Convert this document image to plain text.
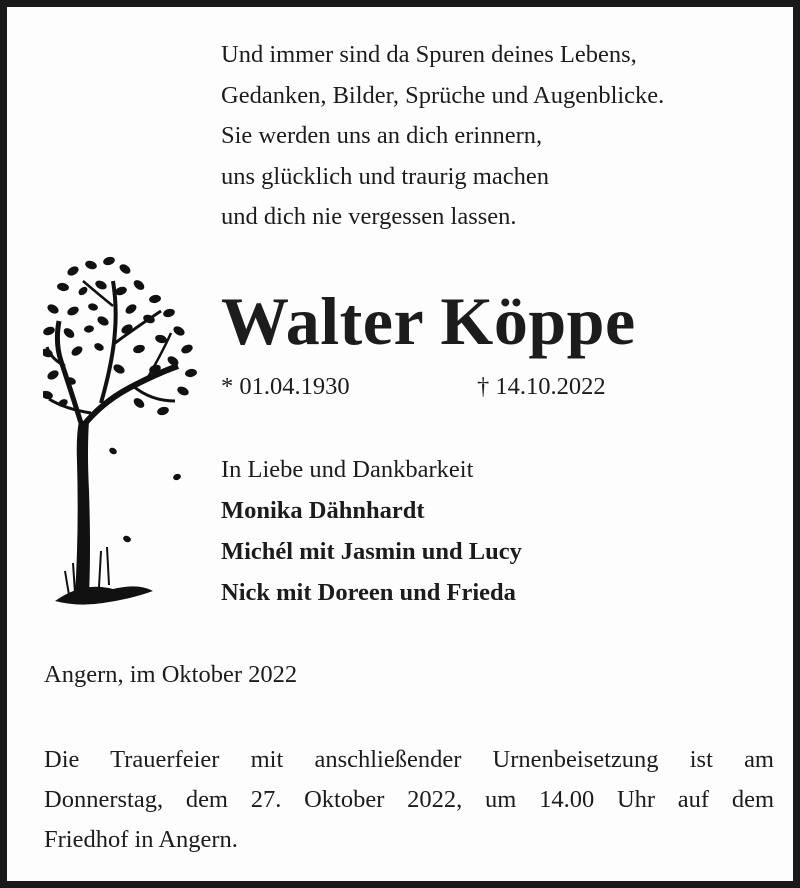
Und immer sind da Spuren deines Lebens,
Gedanken, Bilder, Sprüche und Augenblicke.
Sie werden uns an dich erinnern,
uns glücklich und traurig machen
und dich nie vergessen lassen.
Walter Köppe
* 01.04.1930	† 14.10.2022
In Liebe und Dankbarkeit
Monika Dähnhardt
Michél mit Jasmin und Lucy
Nick mit Doreen und Frieda
Angern, im Oktober 2022
Die Trauerfeier mit anschließender Urnenbeisetzung ist am
Donnerstag, dem 27. Oktober 2022, um 14.00 Uhr auf dem
Friedhof in Angern.
